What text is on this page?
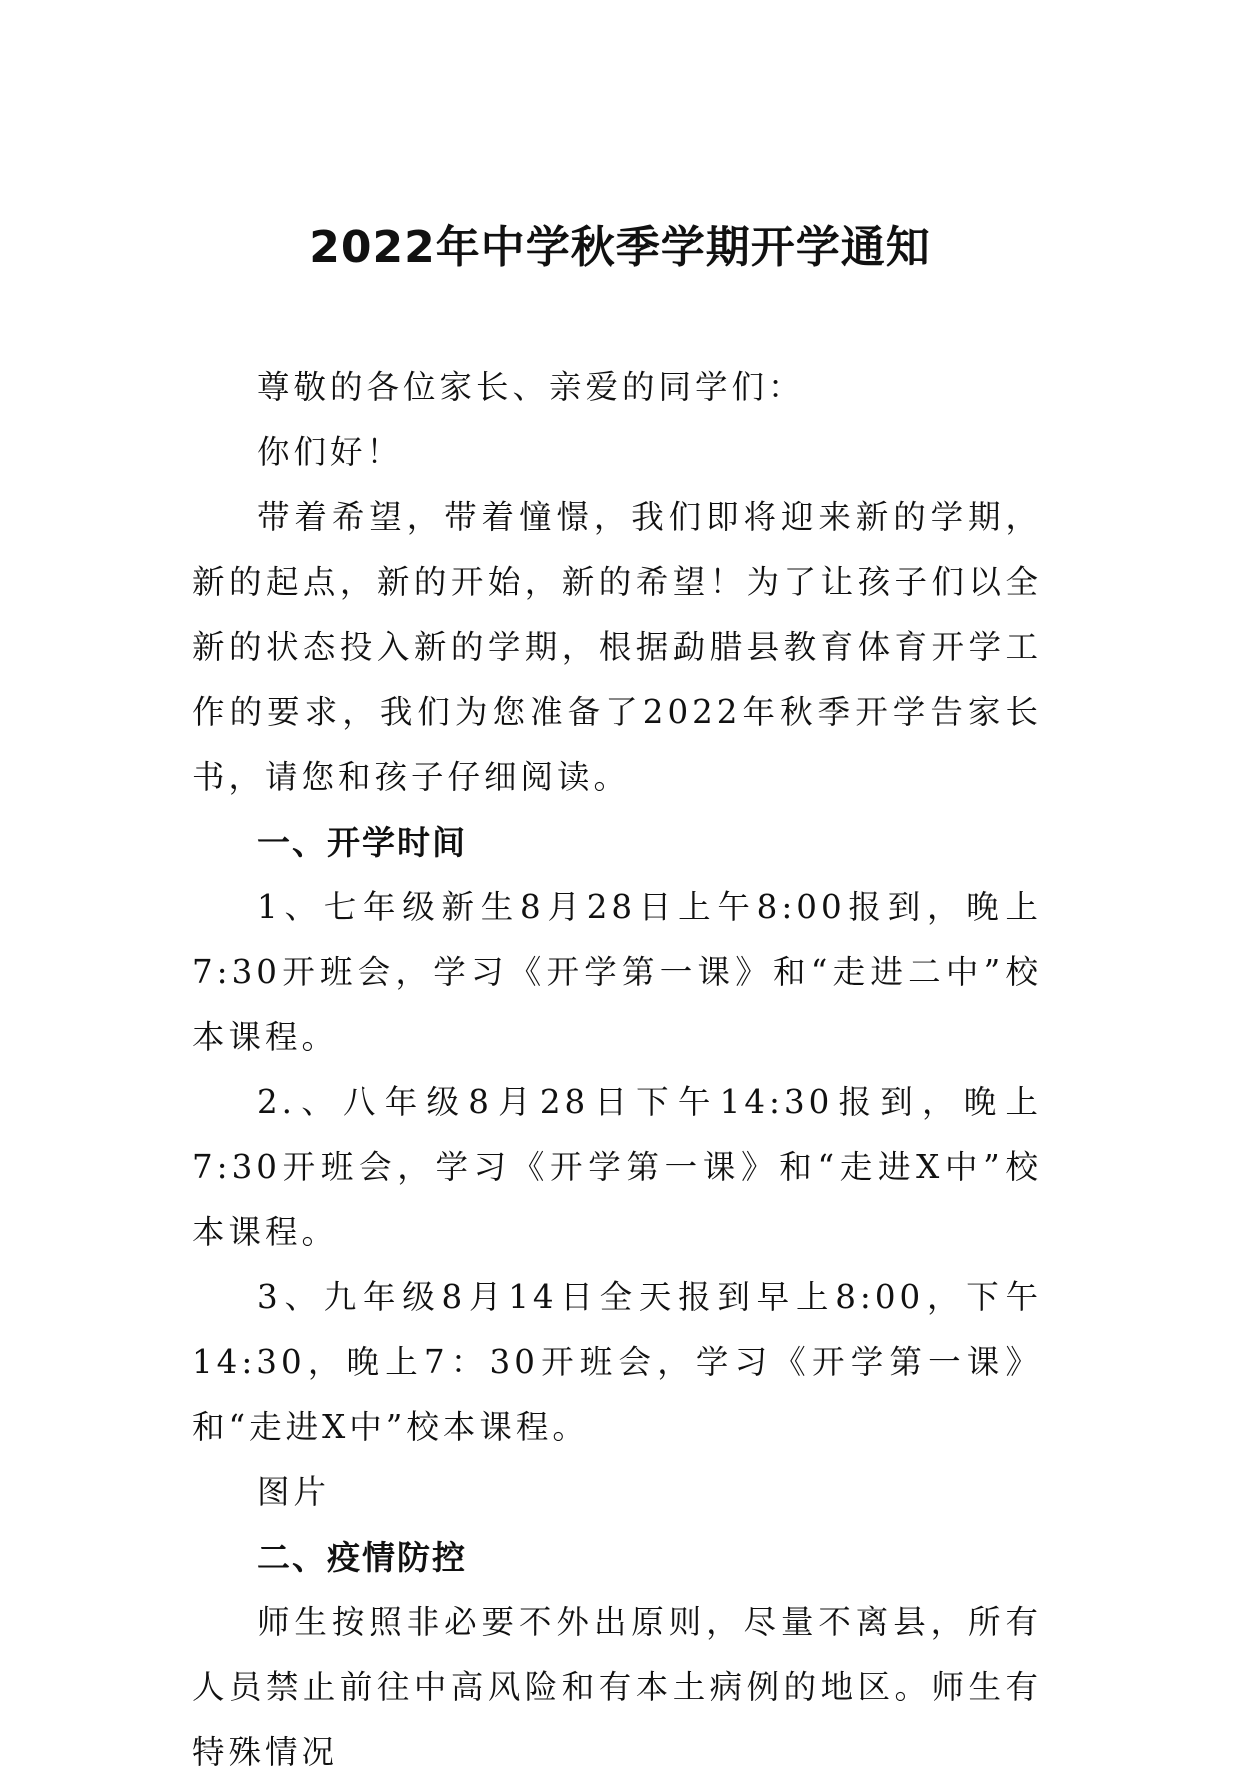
2022年中学秋季学期开学通知

尊敬的各位家长、亲爱的同学们：

你们好！

带着希望，带着憧憬，我们即将迎来新的学期，新的起点，新的开始，新的希望！为了让孩子们以全新的状态投入新的学期，根据勐腊县教育体育开学工作的要求，我们为您准备了2022年秋季开学告家长书，请您和孩子仔细阅读。

一、开学时间

1、七年级新生8月28日上午8:00报到，晚上7:30开班会，学习《开学第一课》和“走进二中”校本课程。

2.、八年级8月28日下午14:30报到，晚上7:30开班会，学习《开学第一课》和“走进X中”校本课程。

3、九年级8月14日全天报到早上8:00，下午14:30，晚上7：30开班会，学习《开学第一课》和“走进X中”校本课程。

图片

二、疫情防控

师生按照非必要不外出原则，尽量不离县，所有人员禁止前往中高风险和有本土病例的地区。师生有特殊情况
